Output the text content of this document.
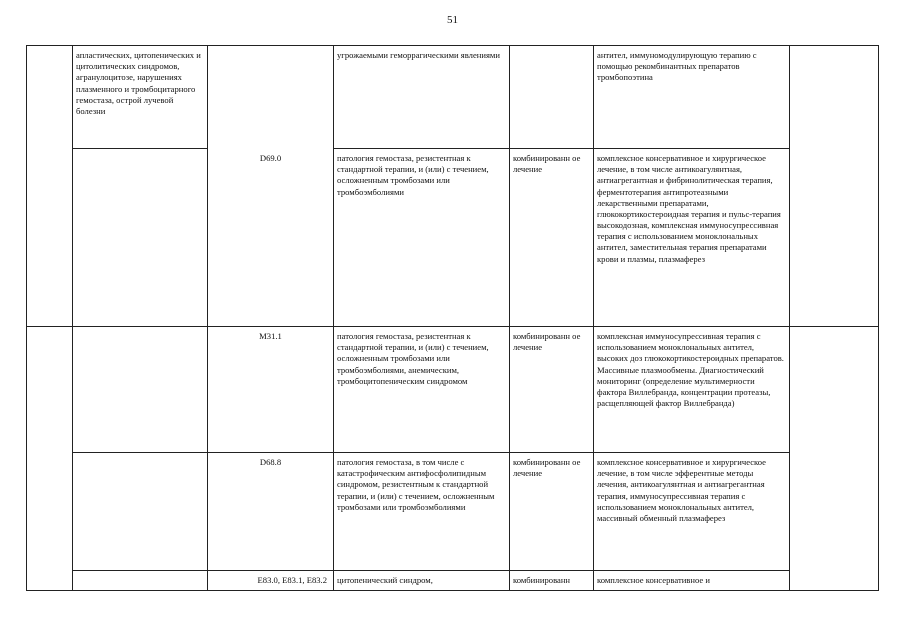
51
	апластических, цитопенических и цитолитических синдромов, агранулоцитозе, нарушениях плазменного и тромбоцитарного гемостаза, острой лучевой болезни		угрожаемыми геморрагическими явлениями		антител, иммуномодулирующую терапию с помощью рекомбинантных препаратов тромбопоэтина	
		D69.0	патология гемостаза, резистентная к стандартной терапии, и (или) с течением, осложненным тромбозами или тромбоэмболиями	комбинированн ое лечение	комплексное консервативное и хирургическое лечение, в том числе антикоагулянтная, антиагрегантная и фибринолитическая терапия, ферментотерапия антипротеазными лекарственными препаратами, глюкокортикостероидная терапия и пульс-терапия высокодозная, комплексная иммуносупрессивная терапия с использованием моноклональных антител, заместительная терапия препаратами крови и плазмы, плазмаферез	
		M31.1	патология гемостаза, резистентная к стандартной терапии, и (или) с течением, осложненным тромбозами или тромбоэмболиями, анемическим, тромбоцитопеническим синдромом	комбинированн ое лечение	комплексная иммуносупрессивная терапия с использованием моноклональных антител, высоких доз глюкокортикостероидных препаратов. Массивные плазмообмены. Диагностический мониторинг (определение мультимерности фактора Виллебранда, концентрации протеазы, расщепляющей фактор Виллебранда)	
		D68.8	патология гемостаза, в том числе с катастрофическим антифосфолипидным синдромом, резистентным к стандартной терапии, и (или) с течением, осложненным тромбозами или тромбоэмболиями	комбинированн ое лечение	комплексное консервативное и хирургическое лечение, в том числе эфферентные методы лечения, антикоагулянтная и антиагрегантная терапия, иммуносупрессивная терапия с использованием моноклональных антител, массивный обменный плазмаферез	
		E83.0, E83.1, E83.2	цитопенический синдром,	комбинированн	комплексное консервативное и	
